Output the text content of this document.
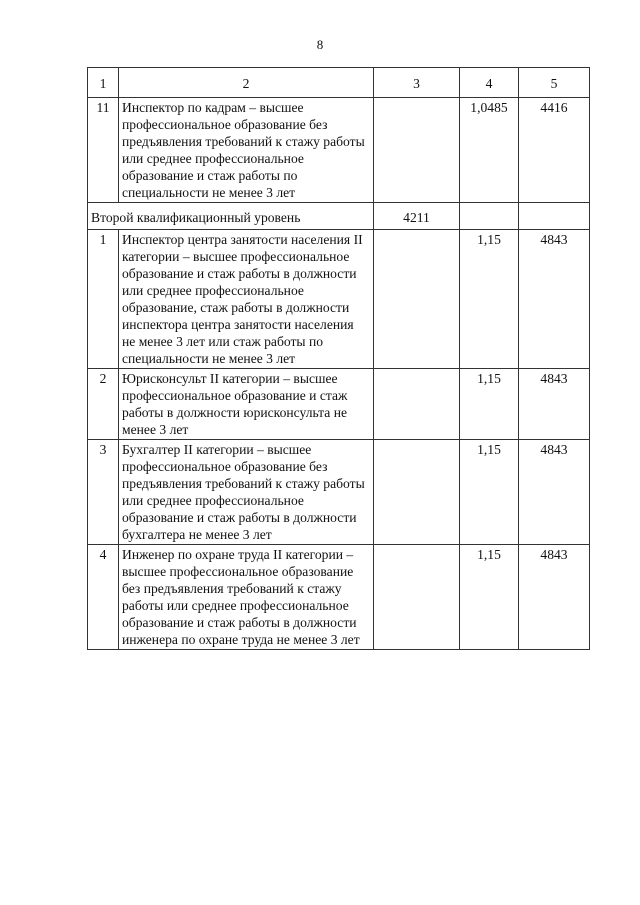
8
1	2	3	4	5
11	Инспектор по кадрам – высшее профессиональное образование без предъявления требований к стажу работы или среднее профессиональное образование и стаж работы по специальности не менее 3 лет		1,0485	4416
Второй квалификационный уровень		4211		
1	Инспектор центра занятости населения II категории – высшее профессиональное образование и стаж работы в должности или среднее профессиональное образование, стаж работы в должности инспектора центра занятости населения не менее 3 лет или стаж работы по специальности не менее 3 лет		1,15	4843
2	Юрисконсульт II категории – высшее профессиональное образование и стаж работы в должности юрисконсульта не менее 3 лет		1,15	4843
3	Бухгалтер II категории – высшее профессиональное образование без предъявления требований к стажу работы или среднее профессиональное образование и стаж работы в должности бухгалтера не менее 3 лет		1,15	4843
4	Инженер по охране труда II категории – высшее профессиональное образование без предъявления требований к стажу работы или среднее профессиональное образование и стаж работы в должности инженера по охране труда не менее 3 лет		1,15	4843
